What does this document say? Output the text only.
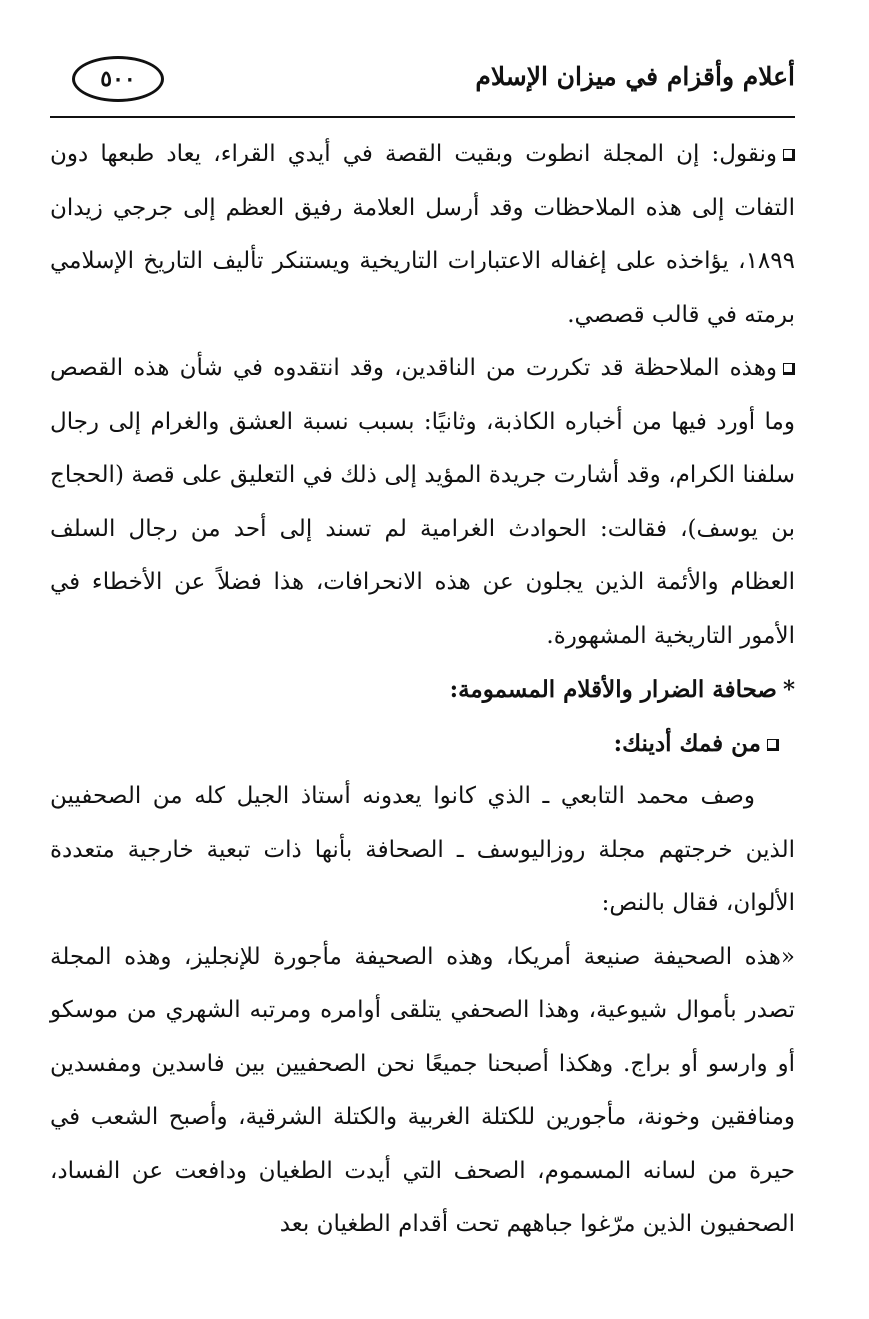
أعلام وأقزام في ميزان الإسلام
٥٠٠

ونقول: إن المجلة انطوت وبقيت القصة في أيدي القراء، يعاد طبعها دون التفات إلى هذه الملاحظات وقد أرسل العلامة رفيق العظم إلى جرجي زيدان ١٨٩٩، يؤاخذه على إغفاله الاعتبارات التاريخية ويستنكر تأليف التاريخ الإسلامي برمته في قالب قصصي.

وهذه الملاحظة قد تكررت من الناقدين، وقد انتقدوه في شأن هذه القصص وما أورد فيها من أخباره الكاذبة، وثانيًا: بسبب نسبة العشق والغرام إلى رجال سلفنا الكرام، وقد أشارت جريدة المؤيد إلى ذلك في التعليق على قصة (الحجاج بن يوسف)، فقالت: الحوادث الغرامية لم تسند إلى أحد من رجال السلف العظام والأئمة الذين يجلون عن هذه الانحرافات، هذا فضلاً عن الأخطاء في الأمور التاريخية المشهورة.

*صحافة الضرار والأقلام المسمومة:

من فمك أدينك:

وصف محمد التابعي ـ الذي كانوا يعدونه أستاذ الجيل كله من الصحفيين الذين خرجتهم مجلة روزاليوسف ـ الصحافة بأنها ذات تبعية خارجية متعددة الألوان، فقال بالنص:

«هذه الصحيفة صنيعة أمريكا، وهذه الصحيفة مأجورة للإنجليز، وهذه المجلة تصدر بأموال شيوعية، وهذا الصحفي يتلقى أوامره ومرتبه الشهري من موسكو أو وارسو أو براج. وهكذا أصبحنا جميعًا نحن الصحفيين بين فاسدين ومفسدين ومنافقين وخونة، مأجورين للكتلة الغربية والكتلة الشرقية، وأصبح الشعب في حيرة من لسانه المسموم، الصحف التي أيدت الطغيان ودافعت عن الفساد، الصحفيون الذين مرّغوا جباههم تحت أقدام الطغيان بعد
